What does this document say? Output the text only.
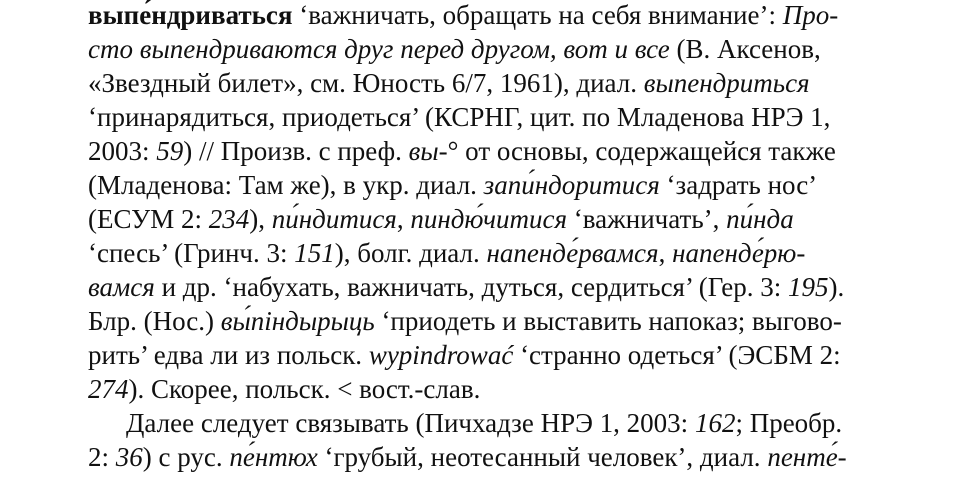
выпе́ндриваться ‘важничать, обращать на себя внимание’: Про-
сто выпендриваются друг перед другом, вот и все (В. Аксенов,
«Звездный билет», см. Юность 6/7, 1961), диал. выпендриться
‘принарядиться, приодеться’ (КСРНГ, цит. по Младенова НРЭ 1,
2003: 59) // Произв. с преф. вы-° от основы, содержащейся также
(Младенова: Там же), в укр. диал. запи́ндоритися ‘задрать нос’
(ЕСУМ 2: 234), пи́ндитися, пиндю́читися ‘важничать’, пи́нда
‘спесь’ (Гринч. 3: 151), болг. диал. напенде́рвамся, напенде́рю-
вамся и др. ‘набухать, важничать, дуться, сердиться’ (Гер. 3: 195).
Блр. (Нос.) вы́піндырыць ‘приодеть и выставить напоказ; выгово-
рить’ едва ли из польск. wypindrować ‘странно одеться’ (ЭСБМ 2:
274). Скорее, польск. < вост.-слав.
Далее следует связывать (Пичхадзе НРЭ 1, 2003: 162; Преобр.
2: 36) с рус. пе́нтюх ‘грубый, неотесанный человек’, диал. пенте́-
